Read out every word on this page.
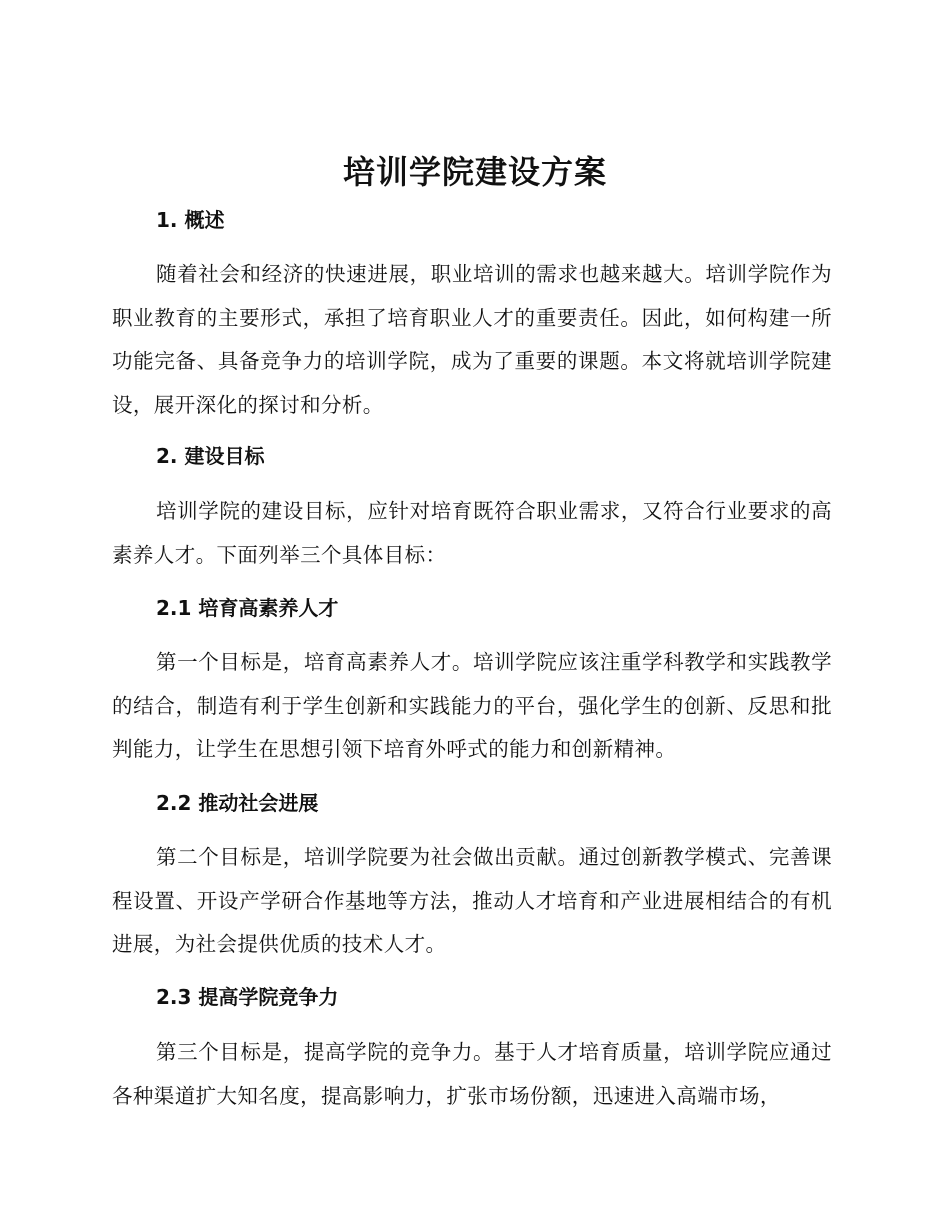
培训学院建设方案
1. 概述

随着社会和经济的快速进展，职业培训的需求也越来越大。培训学院作为职业教育的主要形式，承担了培育职业人才的重要责任。因此，如何构建一所功能完备、具备竞争力的培训学院，成为了重要的课题。本文将就培训学院建设，展开深化的探讨和分析。

2. 建设目标

培训学院的建设目标，应针对培育既符合职业需求，又符合行业要求的高素养人才。下面列举三个具体目标：

2.1 培育高素养人才

第一个目标是，培育高素养人才。培训学院应该注重学科教学和实践教学的结合，制造有利于学生创新和实践能力的平台，强化学生的创新、反思和批判能力，让学生在思想引领下培育外呼式的能力和创新精神。

2.2 推动社会进展

第二个目标是，培训学院要为社会做出贡献。通过创新教学模式、完善课程设置、开设产学研合作基地等方法，推动人才培育和产业进展相结合的有机进展，为社会提供优质的技术人才。

2.3 提高学院竞争力

第三个目标是，提高学院的竞争力。基于人才培育质量，培训学院应通过各种渠道扩大知名度，提高影响力，扩张市场份额，迅速进入高端市场，
